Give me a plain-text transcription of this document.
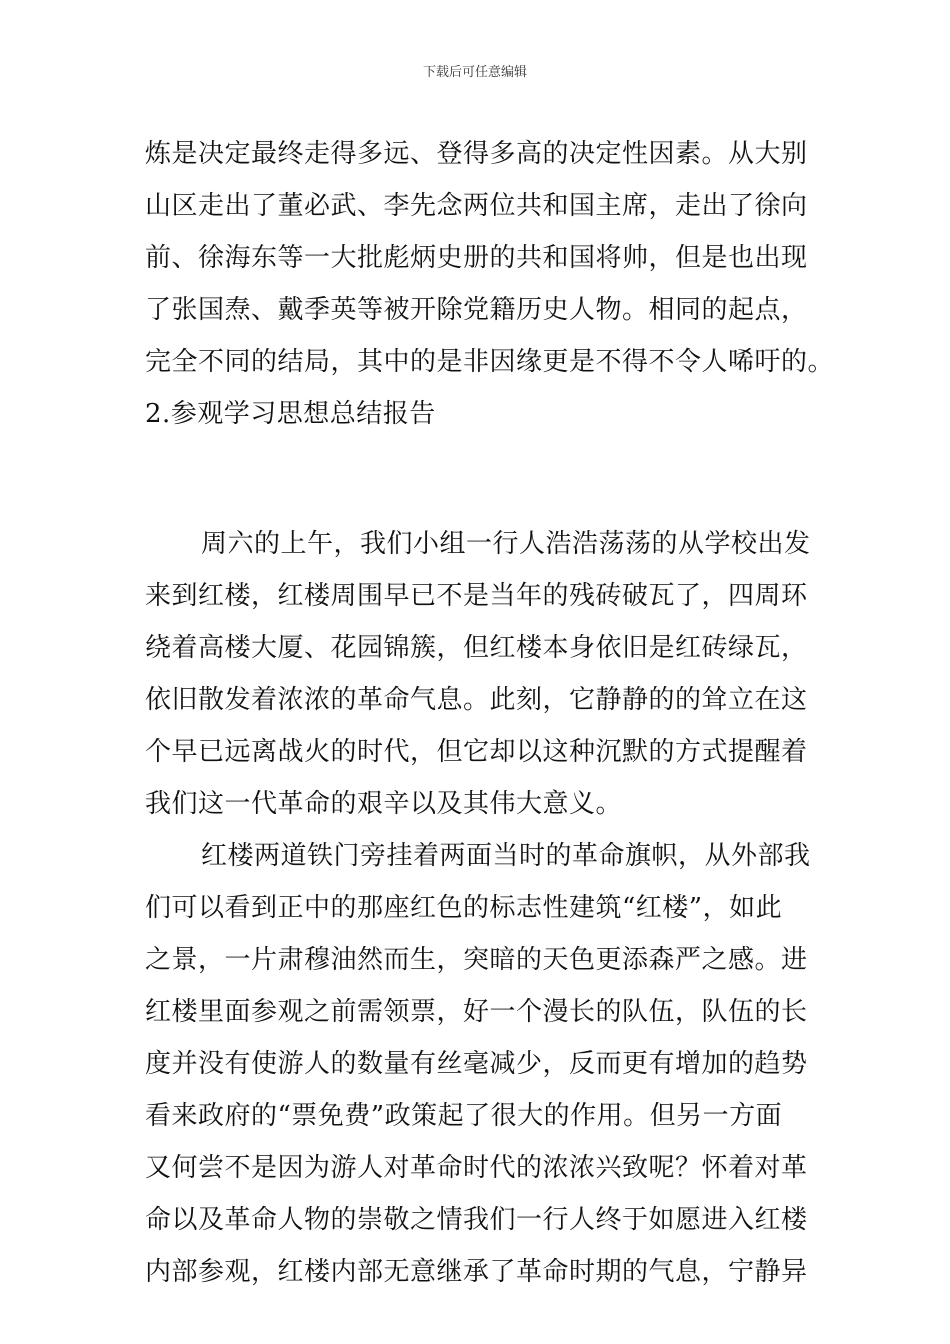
下载后可任意编辑
炼是决定最终走得多远、登得多高的决定性因素。从大别
山区走出了董必武、李先念两位共和国主席，走出了徐向
前、徐海东等一大批彪炳史册的共和国将帅，但是也出现
了张国焘、戴季英等被开除党籍历史人物。相同的起点，
完全不同的结局，其中的是非因缘更是不得不令人唏吁的。
2.参观学习思想总结报告
周六的上午，我们小组一行人浩浩荡荡的从学校出发
来到红楼，红楼周围早已不是当年的残砖破瓦了，四周环
绕着高楼大厦、花园锦簇，但红楼本身依旧是红砖绿瓦，
依旧散发着浓浓的革命气息。此刻，它静静的的耸立在这
个早已远离战火的时代，但它却以这种沉默的方式提醒着
我们这一代革命的艰辛以及其伟大意义。
红楼两道铁门旁挂着两面当时的革命旗帜，从外部我
们可以看到正中的那座红色的标志性建筑“红楼”，如此
之景，一片肃穆油然而生，突暗的天色更添森严之感。进
红楼里面参观之前需领票，好一个漫长的队伍，队伍的长
度并没有使游人的数量有丝毫减少，反而更有增加的趋势
看来政府的“票免费”政策起了很大的作用。但另一方面
又何尝不是因为游人对革命时代的浓浓兴致呢？怀着对革
命以及革命人物的崇敬之情我们一行人终于如愿进入红楼
内部参观，红楼内部无意继承了革命时期的气息，宁静异
